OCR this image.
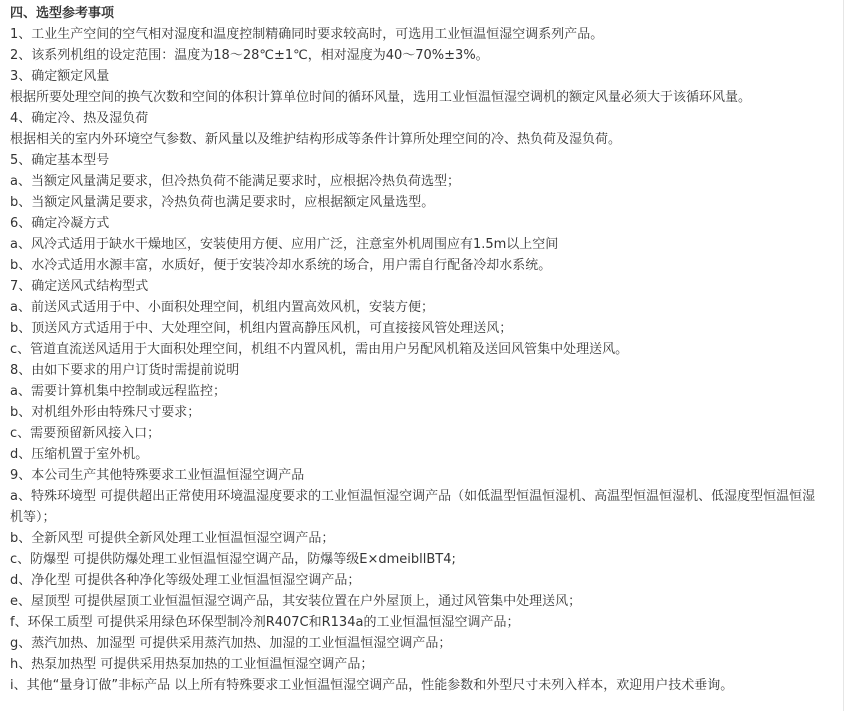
四、选型参考事项
1、工业生产空间的空气相对湿度和温度控制精确同时要求较高时，可选用工业恒温恒湿空调系列产品。
2、该系列机组的设定范围：温度为18～28℃±1℃，相对湿度为40～70%±3%。
3、确定额定风量
根据所要处理空间的换气次数和空间的体积计算单位时间的循环风量，选用工业恒温恒湿空调机的额定风量必须大于该循环风量。
4、确定冷、热及湿负荷
根据相关的室内外环境空气参数、新风量以及维护结构形成等条件计算所处理空间的冷、热负荷及湿负荷。
5、确定基本型号
a、当额定风量满足要求，但冷热负荷不能满足要求时，应根据冷热负荷选型；
b、当额定风量满足要求，冷热负荷也满足要求时，应根据额定风量选型。
6、确定冷凝方式
a、风冷式适用于缺水干燥地区，安装使用方便、应用广泛，注意室外机周围应有1.5m以上空间
b、水冷式适用水源丰富，水质好，便于安装冷却水系统的场合，用户需自行配备冷却水系统。
7、确定送风式结构型式
a、前送风式适用于中、小面积处理空间，机组内置高效风机，安装方便；
b、顶送风方式适用于中、大处理空间，机组内置高静压风机，可直接接风管处理送风；
c、管道直流送风适用于大面积处理空间，机组不内置风机，需由用户另配风机箱及送回风管集中处理送风。
8、由如下要求的用户订货时需提前说明
a、需要计算机集中控制或远程监控；
b、对机组外形由特殊尺寸要求；
c、需要预留新风接入口；
d、压缩机置于室外机。
9、本公司生产其他特殊要求工业恒温恒湿空调产品
a、特殊环境型 可提供超出正常使用环境温湿度要求的工业恒温恒湿空调产品（如低温型恒温恒湿机、高温型恒温恒湿机、低湿度型恒温恒湿机等）；
b、全新风型 可提供全新风处理工业恒温恒湿空调产品；
c、防爆型 可提供防爆处理工业恒温恒湿空调产品，防爆等级E×dmeibllBT4;
d、净化型 可提供各种净化等级处理工业恒温恒湿空调产品；
e、屋顶型 可提供屋顶工业恒温恒湿空调产品，其安装位置在户外屋顶上，通过风管集中处理送风；
f、环保工质型 可提供采用绿色环保型制冷剂R407C和R134a的工业恒温恒湿空调产品；
g、蒸汽加热、加湿型 可提供采用蒸汽加热、加湿的工业恒温恒湿空调产品；
h、热泵加热型 可提供采用热泵加热的工业恒温恒湿空调产品；
i、其他“量身订做”非标产品 以上所有特殊要求工业恒温恒湿空调产品，性能参数和外型尺寸未列入样本，欢迎用户技术垂询。
